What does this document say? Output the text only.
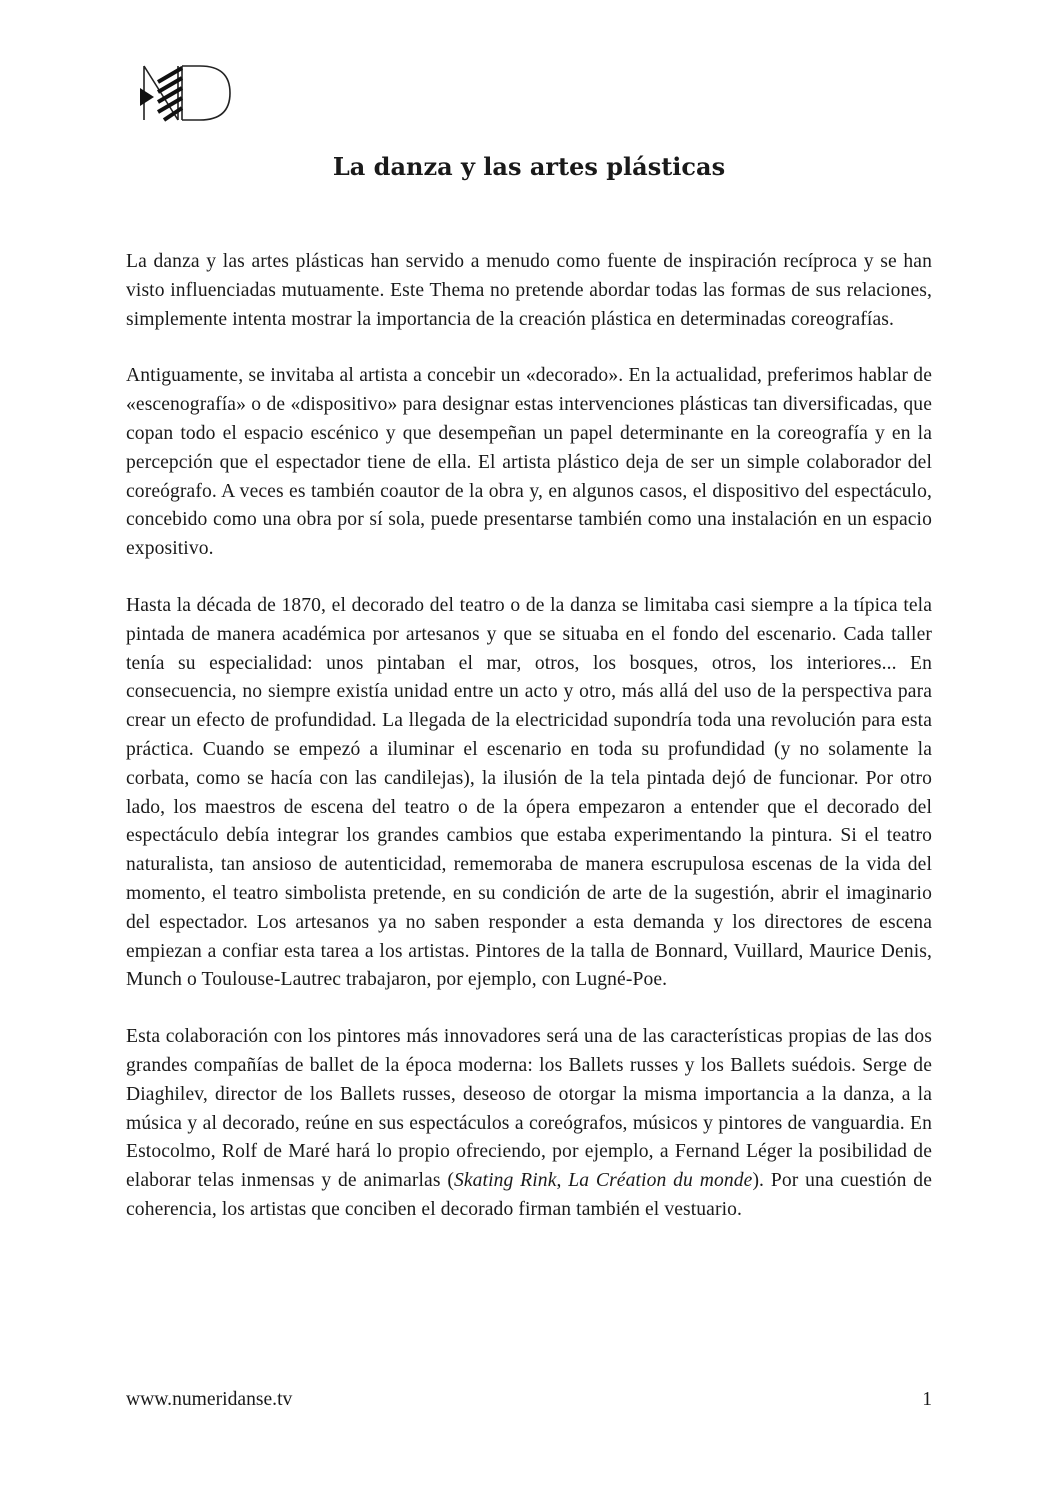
La danza y las artes plásticas

La danza y las artes plásticas han servido a menudo como fuente de inspiración recíproca y se han visto influenciadas mutuamente. Este Thema no pretende abordar todas las formas de sus relaciones, simplemente intenta mostrar la importancia de la creación plástica en determinadas coreografías.

Antiguamente, se invitaba al artista a concebir un «decorado». En la actualidad, preferimos hablar de «escenografía» o de «dispositivo» para designar estas intervenciones plásticas tan diversificadas, que copan todo el espacio escénico y que desempeñan un papel determinante en la coreografía y en la percepción que el espectador tiene de ella. El artista plástico deja de ser un simple colaborador del coreógrafo. A veces es también coautor de la obra y, en algunos casos, el dispositivo del espectáculo, concebido como una obra por sí sola, puede presentarse también como una instalación en un espacio expositivo.

Hasta la década de 1870, el decorado del teatro o de la danza se limitaba casi siempre a la típica tela pintada de manera académica por artesanos y que se situaba en el fondo del escenario. Cada taller tenía su especialidad: unos pintaban el mar, otros, los bosques, otros, los interiores... En consecuencia, no siempre existía unidad entre un acto y otro, más allá del uso de la perspectiva para crear un efecto de profundidad. La llegada de la electricidad supondría toda una revolución para esta práctica. Cuando se empezó a iluminar el escenario en toda su profundidad (y no solamente la corbata, como se hacía con las candilejas), la ilusión de la tela pintada dejó de funcionar. Por otro lado, los maestros de escena del teatro o de la ópera empezaron a entender que el decorado del espectáculo debía integrar los grandes cambios que estaba experimentando la pintura. Si el teatro naturalista, tan ansioso de autenticidad, rememoraba de manera escrupulosa escenas de la vida del momento, el teatro simbolista pretende, en su condición de arte de la sugestión, abrir el imaginario del espectador. Los artesanos ya no saben responder a esta demanda y los directores de escena empiezan a confiar esta tarea a los artistas. Pintores de la talla de Bonnard, Vuillard, Maurice Denis, Munch o Toulouse-Lautrec trabajaron, por ejemplo, con Lugné-Poe.

Esta colaboración con los pintores más innovadores será una de las características propias de las dos grandes compañías de ballet de la época moderna: los Ballets russes y los Ballets suédois. Serge de Diaghilev, director de los Ballets russes, deseoso de otorgar la misma importancia a la danza, a la música y al decorado, reúne en sus espectáculos a coreógrafos, músicos y pintores de vanguardia. En Estocolmo, Rolf de Maré hará lo propio ofreciendo, por ejemplo, a Fernand Léger la posibilidad de elaborar telas inmensas y de animarlas (Skating Rink, La Création du monde). Por una cuestión de coherencia, los artistas que conciben el decorado firman también el vestuario.

www.numeridanse.tv	1
